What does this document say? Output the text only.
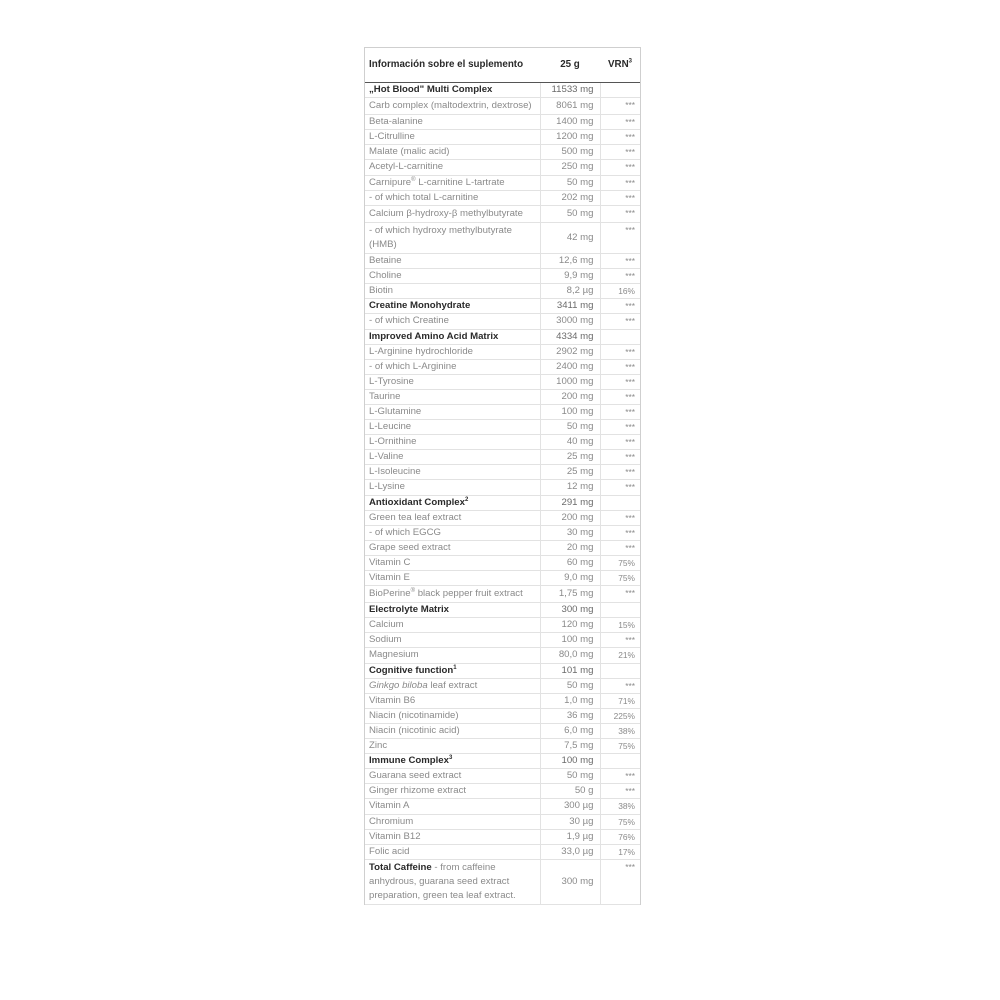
Información sobre el suplemento	25 g	VRN$^3$
„Hot Blood" Multi Complex	11533 mg	
Carb complex (maltodextrin, dextrose)	8061 mg	***
Beta-alanine	1400 mg	***
L-Citrulline	1200 mg	***
Malate (malic acid)	500 mg	***
Acetyl-L-carnitine	250 mg	***
Carnipure® L-carnitine L-tartrate	50 mg	***
- of which total L-carnitine	202 mg	***
Calcium β-hydroxy-β methylbutyrate	50 mg	***
- of which hydroxy methylbutyrate (HMB)	42 mg	***
Betaine	12,6 mg	***
Choline	9,9 mg	***
Biotin	8,2 µg	16%
Creatine Monohydrate	3411 mg	***
- of which Creatine	3000 mg	***
Improved Amino Acid Matrix	4334 mg	
L-Arginine hydrochloride	2902 mg	***
- of which L-Arginine	2400 mg	***
L-Tyrosine	1000 mg	***
Taurine	200 mg	***
L-Glutamine	100 mg	***
L-Leucine	50 mg	***
L-Ornithine	40 mg	***
L-Valine	25 mg	***
L-Isoleucine	25 mg	***
L-Lysine	12 mg	***
Antioxidant Complex$^2$	291 mg	
Green tea leaf extract	200 mg	***
- of which EGCG	30 mg	***
Grape seed extract	20 mg	***
Vitamin C	60 mg	75%
Vitamin E	9,0 mg	75%
BioPerine® black pepper fruit extract	1,75 mg	***
Electrolyte Matrix	300 mg	
Calcium	120 mg	15%
Sodium	100 mg	***
Magnesium	80,0 mg	21%
Cognitive function$^1$	101 mg	
Ginkgo biloba leaf extract	50 mg	***
Vitamin B6	1,0 mg	71%
Niacin (nicotinamide)	36 mg	225%
Niacin (nicotinic acid)	6,0 mg	38%
Zinc	7,5 mg	75%
Immune Complex$^3$	100 mg	
Guarana seed extract	50 mg	***
Ginger rhizome extract	50 g	***
Vitamin A	300 µg	38%
Chromium	30 µg	75%
Vitamin B12	1,9 µg	76%
Folic acid	33,0 µg	17%
Total Caffeine - from caffeine anhydrous, guarana seed extract preparation, green tea leaf extract.	300 mg	***
